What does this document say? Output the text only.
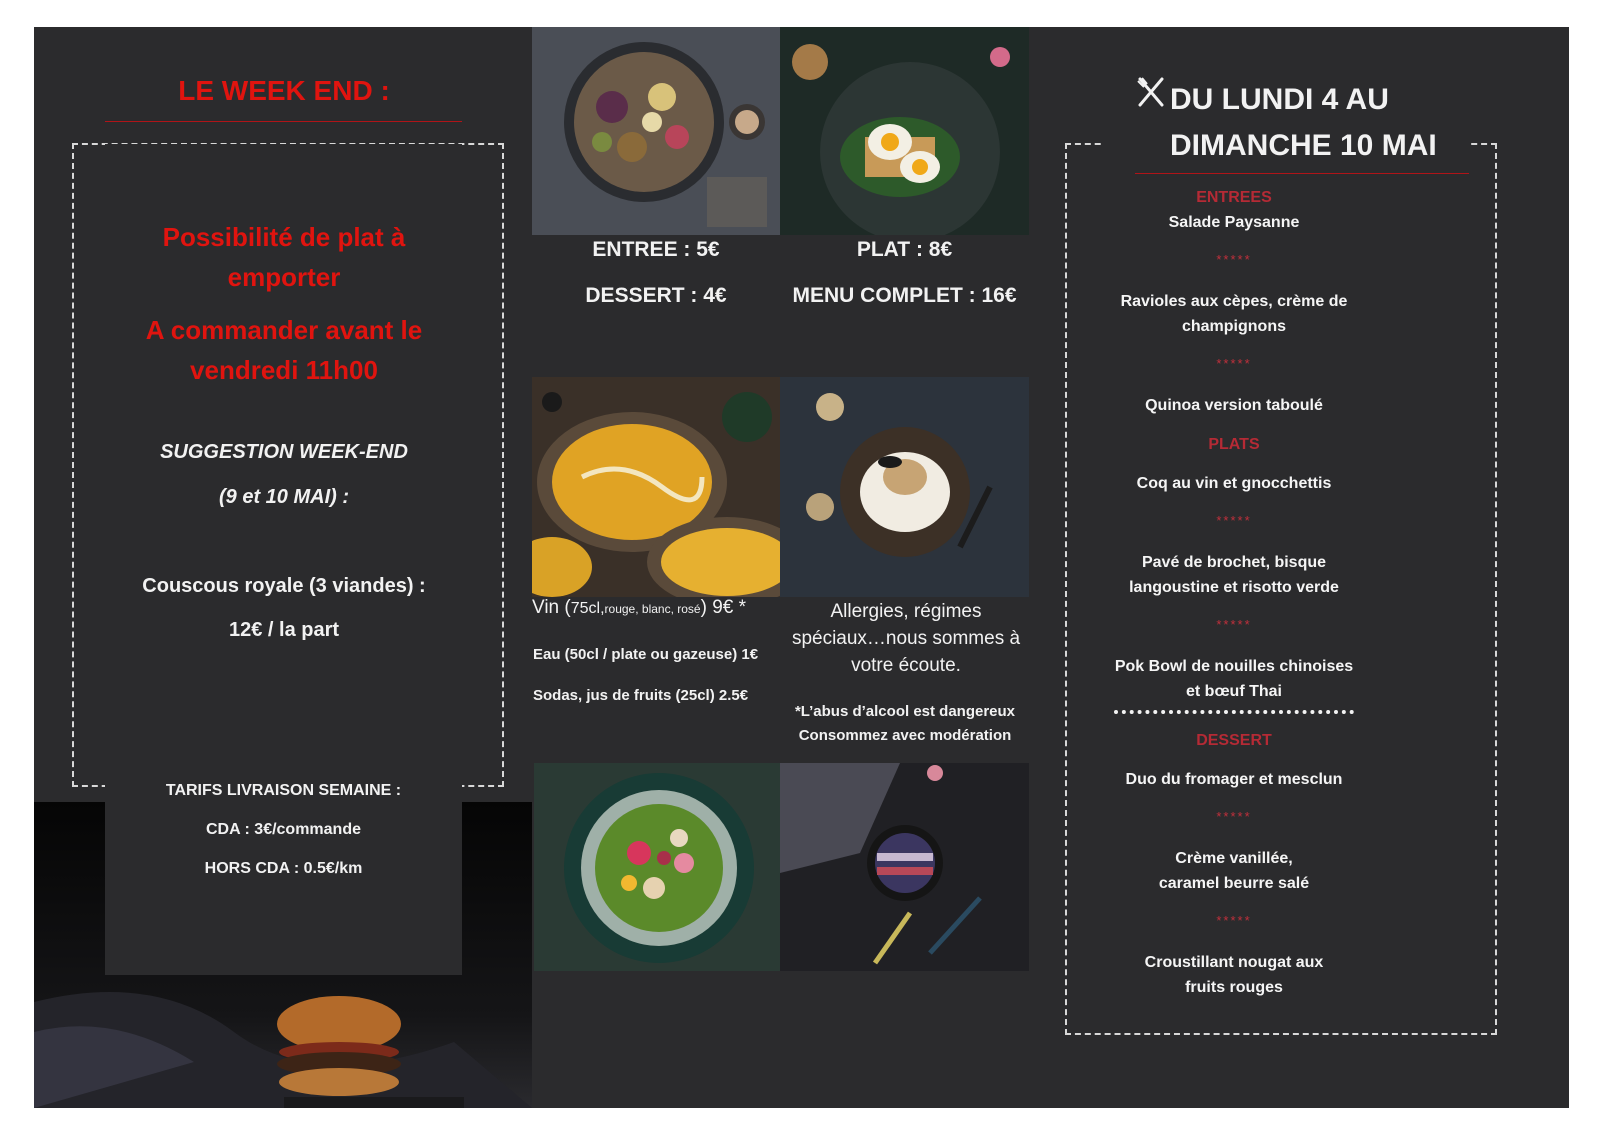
LE WEEK END :
Possibilité de plat à
emporter
A commander avant le
vendredi 11h00
SUGGESTION WEEK-END
(9 et 10 MAI) :
Couscous royale (3 viandes) :
12€ / la part
TARIFS LIVRAISON SEMAINE :
CDA : 3€/commande
HORS CDA : 0.5€/km
ENTREE : 5€	PLAT : 8€
DESSERT : 4€	MENU COMPLET : 16€
Vin (75cl,rouge, blanc, rosé) 9€ *
Eau (50cl / plate ou gazeuse) 1€
Sodas, jus de fruits (25cl) 2.5€
Allergies, régimes spéciaux…nous sommes à votre écoute.
*L’abus d’alcool est dangereux
Consommez avec modération
DU LUNDI 4 AU
DIMANCHE 10 MAI
ENTREES
Salade Paysanne
*****
Ravioles aux cèpes, crème de champignons
*****
Quinoa version taboulé
PLATS
Coq au vin et gnocchettis
*****
Pavé de brochet, bisque langoustine et risotto verde
*****
Pok Bowl de nouilles chinoises et bœuf Thai
DESSERT
Duo du fromager et mesclun
*****
Crème vanillée, caramel beurre salé
*****
Croustillant nougat aux fruits rouges
